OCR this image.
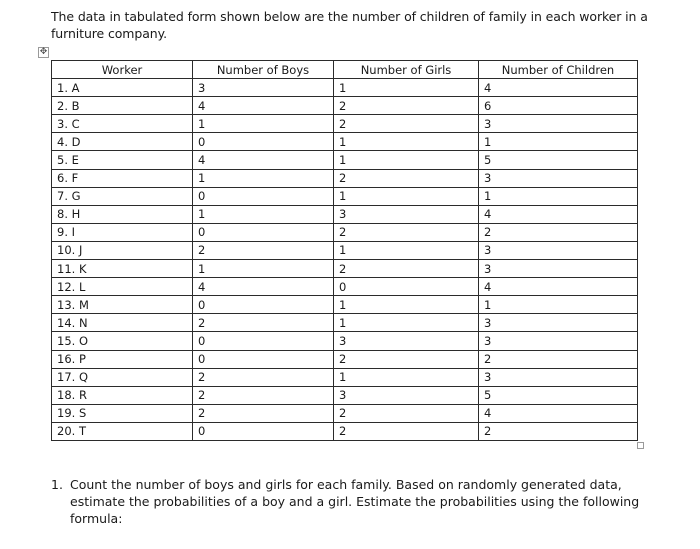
The data in tabulated form shown below are the number of children of family in each worker in a furniture company.

✥
Worker	Number of Boys	Number of Girls	Number of Children
1. A	3	1	4
2. B	4	2	6
3. C	1	2	3
4. D	0	1	1
5. E	4	1	5
6. F	1	2	3
7. G	0	1	1
8. H	1	3	4
9. I	0	2	2
10. J	2	1	3
11. K	1	2	3
12. L	4	0	4
13. M	0	1	1
14. N	2	1	3
15. O	0	3	3
16. P	0	2	2
17. Q	2	1	3
18. R	2	3	5
19. S	2	2	4
20. T	0	2	2
1. Count the number of boys and girls for each family. Based on randomly generated data, estimate the probabilities of a boy and a girl. Estimate the probabilities using the following formula:
